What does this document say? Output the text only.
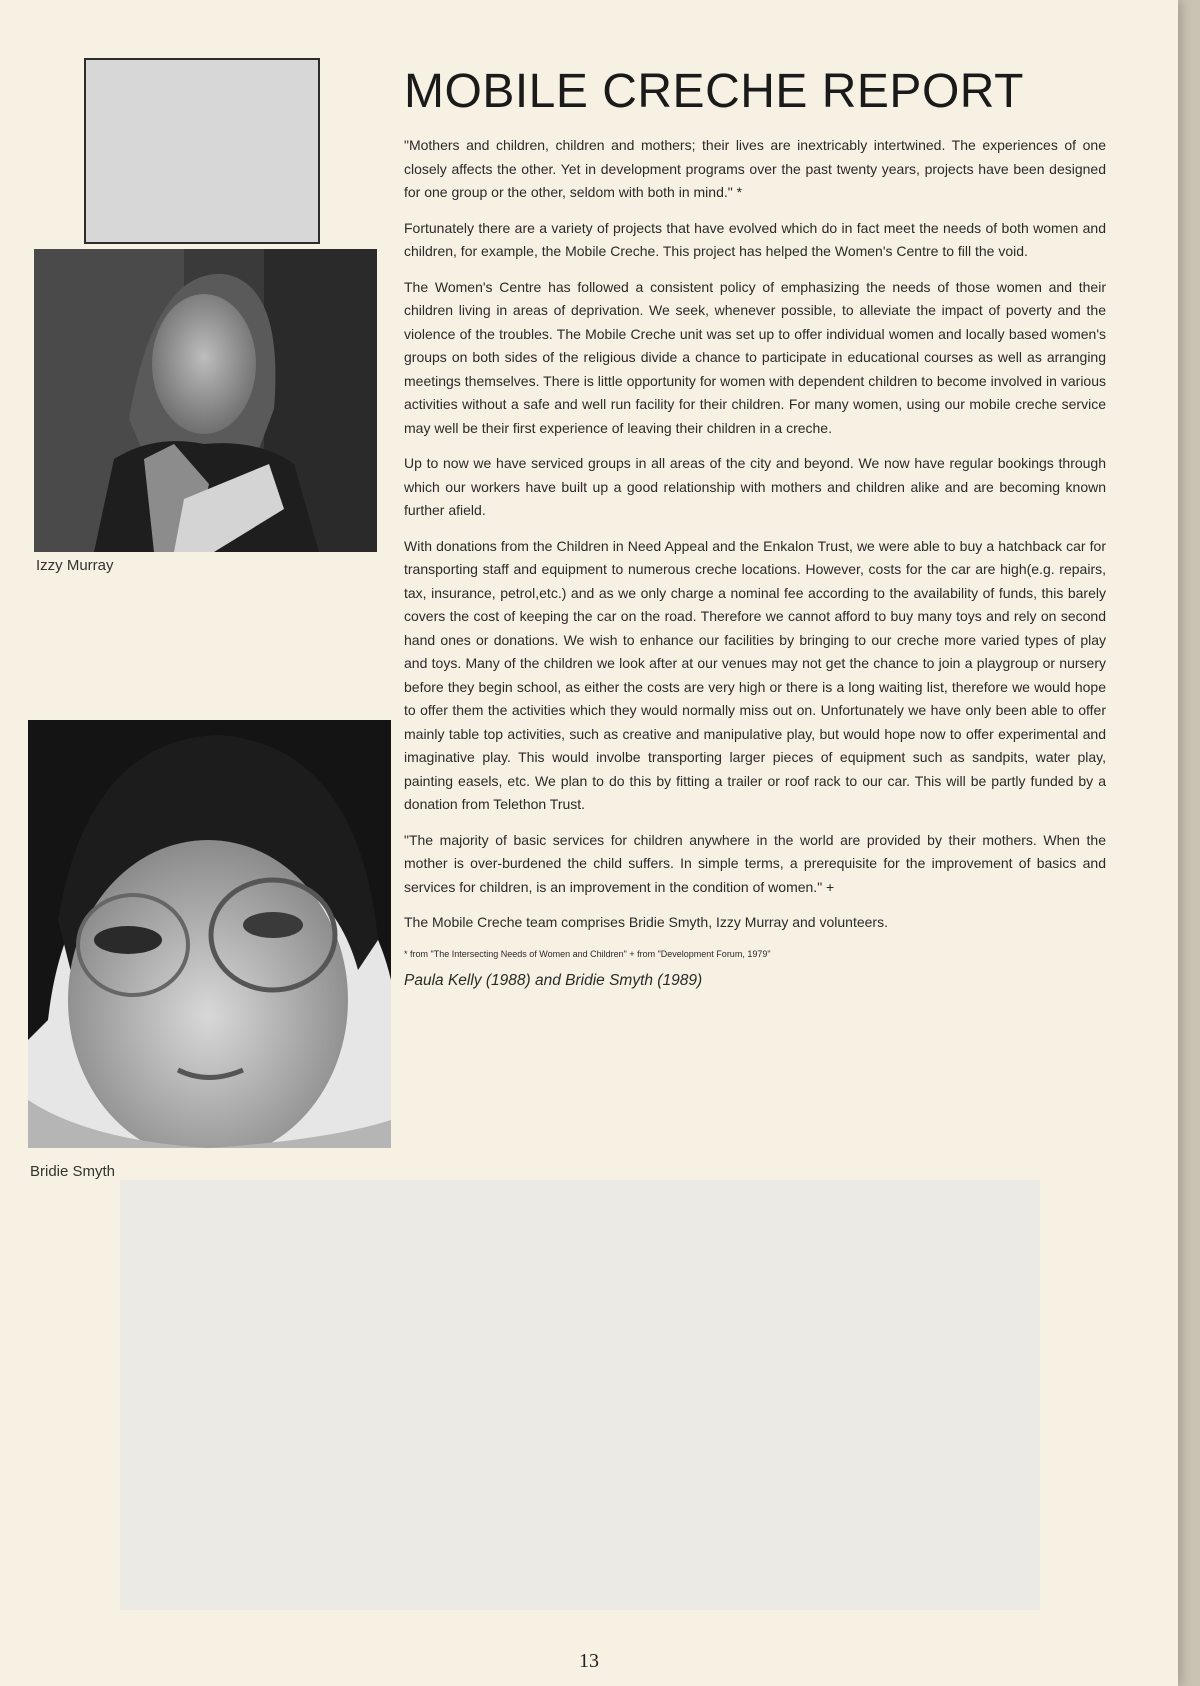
Izzy Murray
Bridie Smyth
MOBILE CRECHE REPORT

"Mothers and children, children and mothers; their lives are inextricably intertwined. The experiences of one closely affects the other. Yet in development programs over the past twenty years, projects have been designed for one group or the other, seldom with both in mind." *

Fortunately there are a variety of projects that have evolved which do in fact meet the needs of both women and children, for example, the Mobile Creche. This project has helped the Women's Centre to fill the void.

The Women's Centre has followed a consistent policy of emphasizing the needs of those women and their children living in areas of deprivation. We seek, whenever possible, to alleviate the impact of poverty and the violence of the troubles. The Mobile Creche unit was set up to offer individual women and locally based women's groups on both sides of the religious divide a chance to participate in educational courses as well as arranging meetings themselves. There is little opportunity for women with dependent children to become involved in various activities without a safe and well run facility for their children. For many women, using our mobile creche service may well be their first experience of leaving their children in a creche.

Up to now we have serviced groups in all areas of the city and beyond. We now have regular bookings through which our workers have built up a good relationship with mothers and children alike and are becoming known further afield.

With donations from the Children in Need Appeal and the Enkalon Trust, we were able to buy a hatchback car for transporting staff and equipment to numerous creche locations. However, costs for the car are high(e.g. repairs, tax, insurance, petrol,etc.) and as we only charge a nominal fee according to the availability of funds, this barely covers the cost of keeping the car on the road. Therefore we cannot afford to buy many toys and rely on second hand ones or donations. We wish to enhance our facilities by bringing to our creche more varied types of play and toys. Many of the children we look after at our venues may not get the chance to join a playgroup or nursery before they begin school, as either the costs are very high or there is a long waiting list, therefore we would hope to offer them the activities which they would normally miss out on. Unfortunately we have only been able to offer mainly table top activities, such as creative and manipulative play, but would hope now to offer experimental and imaginative play. This would involbe transporting larger pieces of equipment such as sandpits, water play, painting easels, etc. We plan to do this by fitting a trailer or roof rack to our car. This will be partly funded by a donation from Telethon Trust.

"The majority of basic services for children anywhere in the world are provided by their mothers. When the mother is over-burdened the child suffers. In simple terms, a prerequisite for the improvement of basics and services for children, is an improvement in the condition of women." +

The Mobile Creche team comprises Bridie Smyth, Izzy Murray and volunteers.

* from "The Intersecting Needs of Women and Children" + from "Development Forum, 1979"

Paula Kelly (1988) and Bridie Smyth (1989)

13
